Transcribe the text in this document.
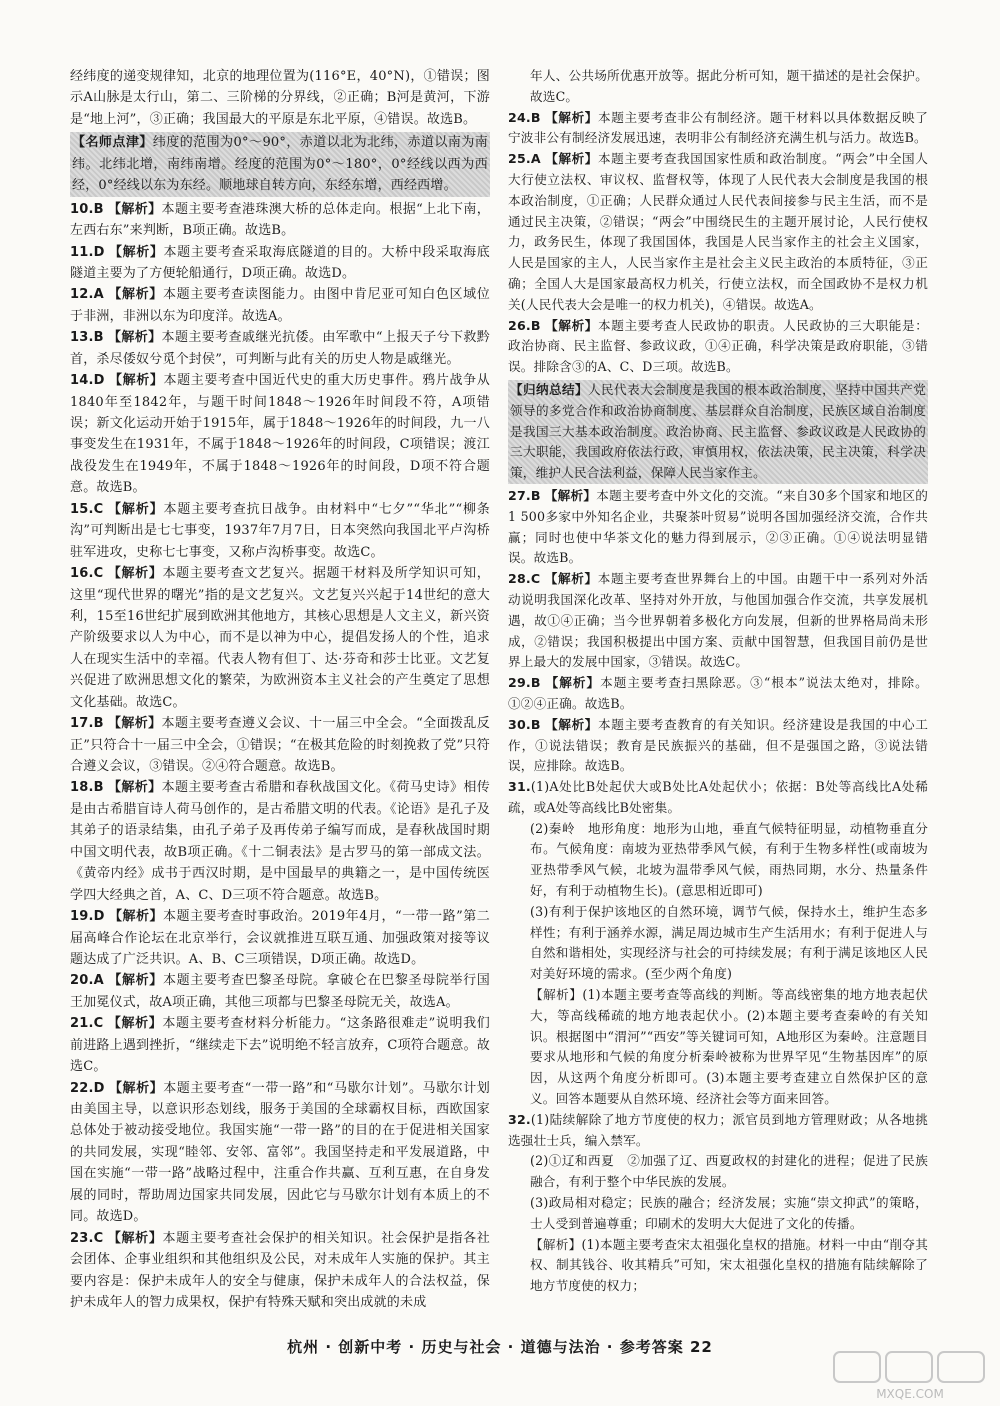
经纬度的递变规律知，北京的地理位置为(116°E，40°N)，①错误；图示A山脉是太行山，第二、三阶梯的分界线，②正确；B河是黄河，下游是“地上河”，③正确；我国最大的平原是东北平原，④错误。故选B。

【名师点津】纬度的范围为0°～90°，赤道以北为北纬，赤道以南为南纬。北纬北增，南纬南增。经度的范围为0°～180°，0°经线以西为西经，0°经线以东为东经。顺地球自转方向，东经东增，西经西增。

10.B 【解析】本题主要考查港珠澳大桥的总体走向。根据“上北下南，左西右东”来判断，B项正确。故选B。

11.D 【解析】本题主要考查采取海底隧道的目的。大桥中段采取海底隧道主要为了方便轮船通行，D项正确。故选D。

12.A 【解析】本题主要考查读图能力。由图中肯尼亚可知白色区域位于非洲，非洲以东为印度洋。故选A。

13.B 【解析】本题主要考查戚继光抗倭。由军歌中“上报天子兮下救黔首，杀尽倭奴兮觅个封侯”，可判断与此有关的历史人物是戚继光。

14.D 【解析】本题主要考查中国近代史的重大历史事件。鸦片战争从1840年至1842年，与题干时间1848～1926年时间段不符，A项错误；新文化运动开始于1915年，属于1848～1926年的时间段，九一八事变发生在1931年，不属于1848～1926年的时间段，C项错误；渡江战役发生在1949年，不属于1848～1926年的时间段，D项不符合题意。故选B。

15.C 【解析】本题主要考查抗日战争。由材料中“七夕”“华北”“柳条沟”可判断出是七七事变，1937年7月7日，日本突然向我国北平卢沟桥驻军进攻，史称七七事变，又称卢沟桥事变。故选C。

16.C 【解析】本题主要考查文艺复兴。据题干材料及所学知识可知，这里“现代世界的曙光”指的是文艺复兴。文艺复兴兴起于14世纪的意大利，15至16世纪扩展到欧洲其他地方，其核心思想是人文主义，新兴资产阶级要求以人为中心，而不是以神为中心，提倡发扬人的个性，追求人在现实生活中的幸福。代表人物有但丁、达·芬奇和莎士比亚。文艺复兴促进了欧洲思想文化的繁荣，为欧洲资本主义社会的产生奠定了思想文化基础。故选C。

17.B 【解析】本题主要考查遵义会议、十一届三中全会。“全面拨乱反正”只符合十一届三中全会，①错误；“在极其危险的时刻挽救了党”只符合遵义会议，③错误。②④符合题意。故选B。

18.B 【解析】本题主要考查古希腊和春秋战国文化。《荷马史诗》相传是由古希腊盲诗人荷马创作的，是古希腊文明的代表。《论语》是孔子及其弟子的语录结集，由孔子弟子及再传弟子编写而成，是春秋战国时期中国文明代表，故B项正确。《十二铜表法》是古罗马的第一部成文法。《黄帝内经》成书于西汉时期，是中国最早的典籍之一，是中国传统医学四大经典之首，A、C、D三项不符合题意。故选B。

19.D 【解析】本题主要考查时事政治。2019年4月，“一带一路”第二届高峰合作论坛在北京举行，会议就推进互联互通、加强政策对接等议题达成了广泛共识。A、B、C三项错误，D项正确。故选D。

20.A 【解析】本题主要考查巴黎圣母院。拿破仑在巴黎圣母院举行国王加冕仪式，故A项正确，其他三项都与巴黎圣母院无关，故选A。

21.C 【解析】本题主要考查材料分析能力。“这条路很难走”说明我们前进路上遇到挫折，“继续走下去”说明绝不轻言放弃，C项符合题意。故选C。

22.D 【解析】本题主要考查“一带一路”和“马歇尔计划”。马歇尔计划由美国主导，以意识形态划线，服务于美国的全球霸权目标，西欧国家总体处于被动接受地位。我国实施“一带一路”的目的在于促进相关国家的共同发展，实现“睦邻、安邻、富邻”。我国坚持走和平发展道路，中国在实施“一带一路”战略过程中，注重合作共赢、互利互惠，在自身发展的同时，帮助周边国家共同发展，因此它与马歇尔计划有本质上的不同。故选D。

23.C 【解析】本题主要考查社会保护的相关知识。社会保护是指各社会团体、企事业组织和其他组织及公民，对未成年人实施的保护。其主要内容是：保护未成年人的安全与健康，保护未成年人的合法权益，保护未成年人的智力成果权，保护有特殊天赋和突出成就的未成

年人、公共场所优惠开放等。据此分析可知，题干描述的是社会保护。故选C。

24.B 【解析】本题主要考查非公有制经济。题干材料以具体数据反映了宁波非公有制经济发展迅速，表明非公有制经济充满生机与活力。故选B。

25.A 【解析】本题主要考查我国国家性质和政治制度。“两会”中全国人大行使立法权、审议权、监督权等，体现了人民代表大会制度是我国的根本政治制度，①正确；人民群众通过人民代表间接参与民主生活，而不是通过民主决策，②错误；“两会”中围绕民生的主题开展讨论，人民行使权力，政务民生，体现了我国国体，我国是人民当家作主的社会主义国家，人民是国家的主人，人民当家作主是社会主义民主政治的本质特征，③正确；全国人大是国家最高权力机关，行使立法权，而全国政协不是权力机关(人民代表大会是唯一的权力机关)，④错误。故选A。

26.B 【解析】本题主要考查人民政协的职责。人民政协的三大职能是：政治协商、民主监督、参政议政，①④正确，科学决策是政府职能，③错误。排除含③的A、C、D三项。故选B。

【归纳总结】人民代表大会制度是我国的根本政治制度，坚持中国共产党领导的多党合作和政治协商制度、基层群众自治制度，民族区域自治制度是我国三大基本政治制度。政治协商、民主监督、参政议政是人民政协的三大职能，我国政府依法行政，审慎用权，依法决策，民主决策，科学决策，维护人民合法利益，保障人民当家作主。

27.B 【解析】本题主要考查中外文化的交流。“来自30多个国家和地区的1 500多家中外知名企业，共聚茶叶贸易”说明各国加强经济交流，合作共赢；同时也使中华茶文化的魅力得到展示，②③正确。①④说法明显错误。故选B。

28.C 【解析】本题主要考查世界舞台上的中国。由题干中一系列对外活动说明我国深化改革、坚持对外开放，与他国加强合作交流，共享发展机遇，故①④正确；当今世界朝着多极化方向发展，但新的世界格局尚未形成，②错误；我国积极提出中国方案、贡献中国智慧，但我国目前仍是世界上最大的发展中国家，③错误。故选C。

29.B 【解析】本题主要考查扫黑除恶。③“根本”说法太绝对，排除。①②④正确。故选B。

30.B 【解析】本题主要考查教育的有关知识。经济建设是我国的中心工作，①说法错误；教育是民族振兴的基础，但不是强国之路，③说法错误，应排除。故选B。

31.(1)A处比B处起伏大或B处比A处起伏小；依据：B处等高线比A处稀疏，或A处等高线比B处密集。

(2)秦岭　地形角度：地形为山地，垂直气候特征明显，动植物垂直分布。气候角度：南坡为亚热带季风气候，有利于生物多样性(或南坡为亚热带季风气候，北坡为温带季风气候，雨热同期，水分、热量条件好，有利于动植物生长)。(意思相近即可)

(3)有利于保护该地区的自然环境，调节气候，保持水土，维护生态多样性；有利于涵养水源，满足周边城市生产生活用水；有利于促进人与自然和谐相处，实现经济与社会的可持续发展；有利于满足该地区人民对美好环境的需求。(至少两个角度)

【解析】(1)本题主要考查等高线的判断。等高线密集的地方地表起伏大，等高线稀疏的地方地表起伏小。(2)本题主要考查秦岭的有关知识。根据图中“渭河”“西安”等关键词可知，A地形区为秦岭。注意题目要求从地形和气候的角度分析秦岭被称为世界罕见“生物基因库”的原因，从这两个角度分析即可。(3)本题主要考查建立自然保护区的意义。回答本题要从自然环境、经济社会等方面来回答。

32.(1)陆续解除了地方节度使的权力；派官员到地方管理财政；从各地挑选强壮士兵，编入禁军。

(2)①辽和西夏　②加强了辽、西夏政权的封建化的进程；促进了民族融合，有利于整个中华民族的发展。

(3)政局相对稳定；民族的融合；经济发展；实施“崇文抑武”的策略，士人受到普遍尊重；印刷术的发明大大促进了文化的传播。

【解析】(1)本题主要考查宋太祖强化皇权的措施。材料一中由“削夺其权、制其钱谷、收其精兵”可知，宋太祖强化皇权的措施有陆续解除了地方节度使的权力；

杭州 · 创新中考 · 历史与社会 · 道德与法治 · 参考答案 22
MXQE.COM
